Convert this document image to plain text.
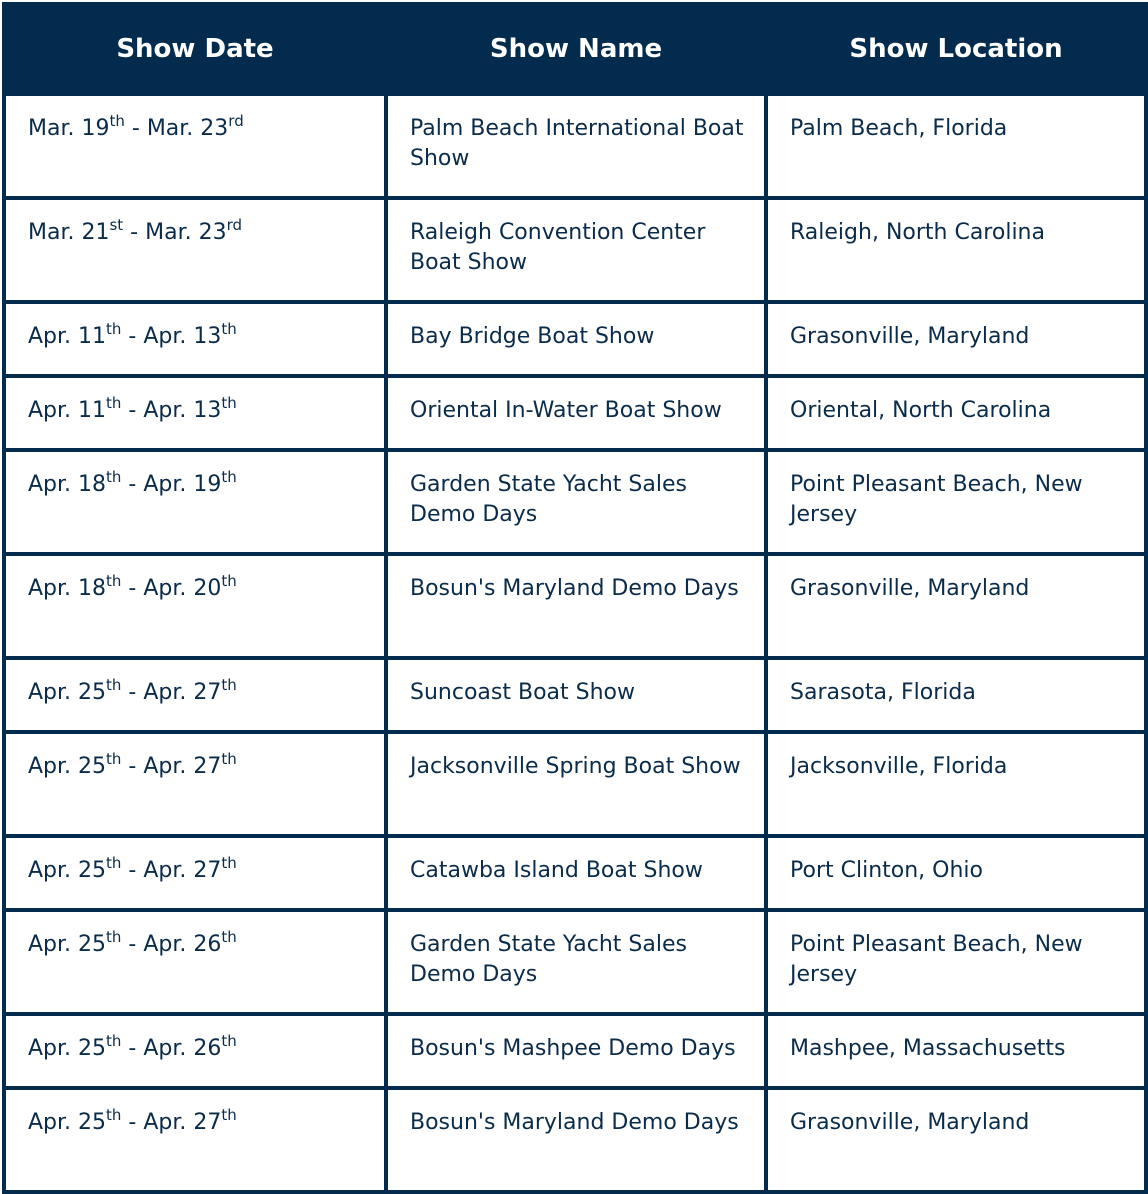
Show Date	Show Name	Show Location
Mar. 19th - Mar. 23rd	Palm Beach International Boat Show	Palm Beach, Florida
Mar. 21st - Mar. 23rd	Raleigh Convention Center Boat Show	Raleigh, North Carolina
Apr. 11th - Apr. 13th	Bay Bridge Boat Show	Grasonville, Maryland
Apr. 11th - Apr. 13th	Oriental In-Water Boat Show	Oriental, North Carolina
Apr. 18th - Apr. 19th	Garden State Yacht Sales Demo Days	Point Pleasant Beach, New Jersey
Apr. 18th - Apr. 20th	Bosun's Maryland Demo Days	Grasonville, Maryland
Apr. 25th - Apr. 27th	Suncoast Boat Show	Sarasota, Florida
Apr. 25th - Apr. 27th	Jacksonville Spring Boat Show	Jacksonville, Florida
Apr. 25th - Apr. 27th	Catawba Island Boat Show	Port Clinton, Ohio
Apr. 25th - Apr. 26th	Garden State Yacht Sales Demo Days	Point Pleasant Beach, New Jersey
Apr. 25th - Apr. 26th	Bosun's Mashpee Demo Days	Mashpee, Massachusetts
Apr. 25th - Apr. 27th	Bosun's Maryland Demo Days	Grasonville, Maryland
